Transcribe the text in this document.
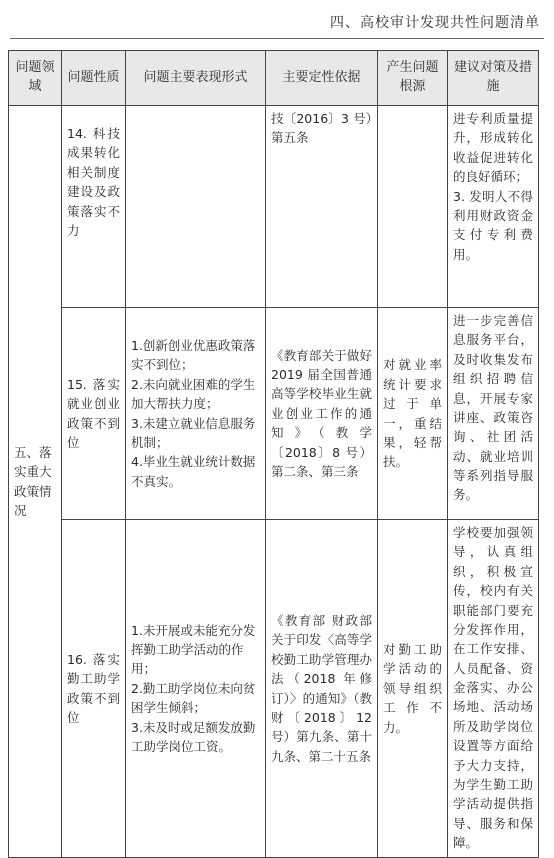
四、高校审计发现共性问题清单
问题领域	问题性质	问题主要表现形式	主要定性依据	产生问题根源	建议对策及措施
五、落实重大政策情况	14. 科技成果转化相关制度建设及政策落实不力		技〔2016〕3 号）第五条		进专利质量提升，形成转化收益促进转化的良好循环；
3. 发明人不得利用财政资金支付专利费用。
	15. 落实就业创业政策不到位	1.创新创业优惠政策落实不到位；
2.未向就业困难的学生加大帮扶力度；
3.未建立就业信息服务机制；
4.毕业生就业统计数据不真实。	《教育部关于做好 2019 届全国普通高等学校毕业生就业创业工作的通知》（教学〔2018〕8 号）第二条、第三条	对就业率统计要求过于单一，重结果，轻帮扶。	进一步完善信息服务平台，及时收集发布组织招聘信息，开展专家讲座、政策咨询、社团活动、就业培训等系列指导服务。
	16. 落实勤工助学政策不到位	1.未开展或未能充分发挥勤工助学活动的作用；
2.勤工助学岗位未向贫困学生倾斜；
3.未及时或足额发放勤工助学岗位工资。	《教育部 财政部关于印发〈高等学校勤工助学管理办法（2018 年修订）〉的通知》（教财〔2018〕12 号）第九条、第十九条、第二十五条	对勤工助学活动的领导组织工作不力。	学校要加强领导，认真组织，积极宣传，校内有关职能部门要充分发挥作用，在工作安排、人员配备、资金落实、办公场地、活动场所及助学岗位设置等方面给予大力支持，为学生勤工助学活动提供指导、服务和保障。
